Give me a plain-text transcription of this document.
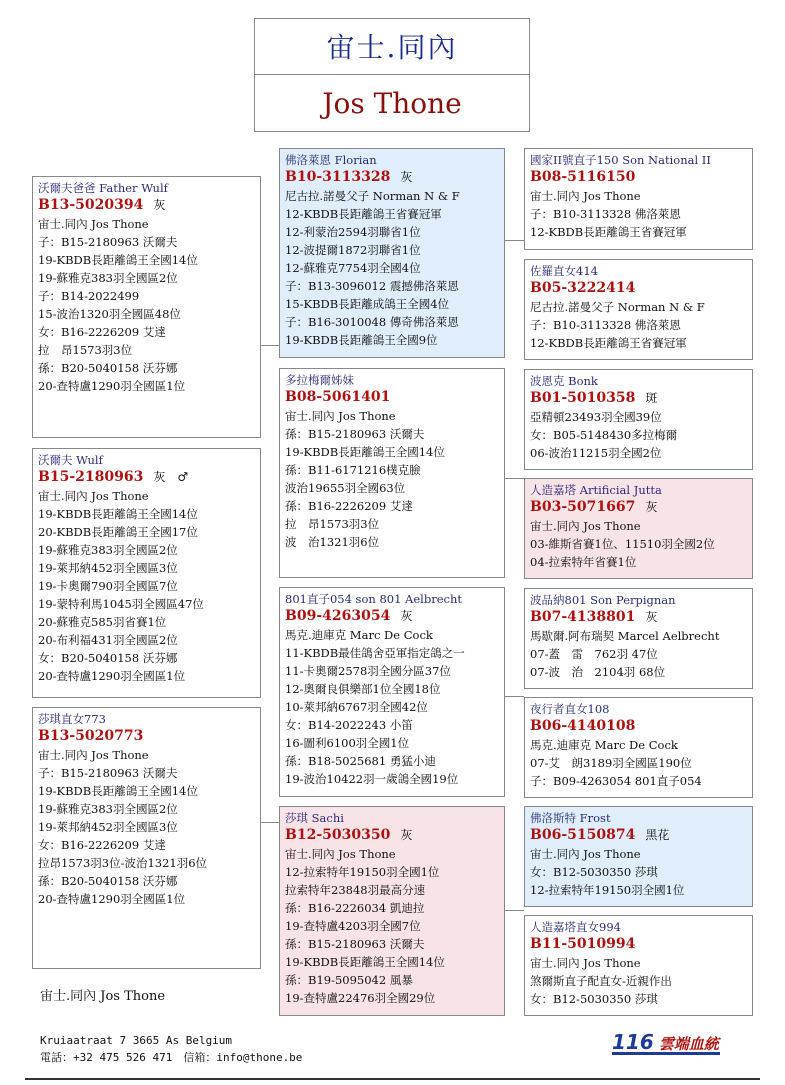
宙士.同內
Jos Thone
沃爾夫爸爸 Father Wulf
B13-5020394 灰
宙士.同內 Jos Thone
子：B15-2180963 沃爾夫
19-KBDB長距離鴿王全國14位
19-蘇雅克383羽全國區2位
子：B14-2022499
15-波治1320羽全國區48位
女：B16-2226209 艾達
拉　昂1573羽3位
孫：B20-5040158 沃芬娜
20-查特盧1290羽全國區1位
沃爾夫 Wulf
B15-2180963 灰　♂
宙士.同內 Jos Thone
19-KBDB長距離鴿王全國14位
20-KBDB長距離鴿王全國17位
19-蘇雅克383羽全國區2位
19-萊邦納452羽全國區3位
19-卡奧爾790羽全國區7位
19-蒙特利馬1045羽全國區47位
20-蘇雅克585羽省賽1位
20-布利福431羽全國區2位
女：B20-5040158 沃芬娜
20-查特盧1290羽全國區1位
莎琪直女773
B13-5020773
宙士.同內 Jos Thone
子：B15-2180963 沃爾夫
19-KBDB長距離鴿王全國14位
19-蘇雅克383羽全國區2位
19-萊邦納452羽全國區3位
女：B16-2226209 艾達
拉昂1573羽3位-波治1321羽6位
孫：B20-5040158 沃芬娜
20-查特盧1290羽全國區1位
佛洛萊恩 Florian
B10-3113328 灰
尼古拉.諾曼父子 Norman N & F
12-KBDB長距離鴿王省賽冠軍
12-利蒙治2594羽聯省1位
12-波提爾1872羽聯省1位
12-蘇雅克7754羽全國4位
子：B13-3096012 震撼佛洛萊恩
15-KBDB長距離成鴿王全國4位
子：B16-3010048 傳奇佛洛萊恩
19-KBDB長距離鴿王全國9位
多拉梅爾姊妹
B08-5061401
宙士.同內 Jos Thone
孫：B15-2180963 沃爾夫
19-KBDB長距離鴿王全國14位
孫：B11-6171216樸克臉
波治19655羽全國63位
孫：B16-2226209 艾達
拉　昂1573羽3位
波　治1321羽6位
801直子054 son 801 Aelbrecht
B09-4263054 灰
馬克.迪庫克 Marc De Cock
11-KBDB最佳鴿舍亞軍指定鴿之一
11-卡奧爾2578羽全國分區37位
12-奧爾良俱樂部1位全國18位
10-萊邦納6767羽全國42位
女：B14-2022243 小笛
16-圖利6100羽全國1位
孫：B18-5025681 勇猛小迪
19-波治10422羽一歲鴿全國19位
莎琪 Sachi
B12-5030350 灰
宙士.同內 Jos Thone
12-拉索特年19150羽全國1位
拉索特年23848羽最高分速
孫：B16-2226034 凱迪拉
19-查特盧4203羽全國7位
孫：B15-2180963 沃爾夫
19-KBDB長距離鴿王全國14位
孫：B19-5095042 風暴
19-查特盧22476羽全國29位
國家II號直子150 Son National II
B08-5116150
宙士.同內 Jos Thone
子：B10-3113328 佛洛萊恩
12-KBDB長距離鴿王省賽冠軍
佐羅直女414
B05-3222414
尼古拉.諾曼父子 Norman N & F
子：B10-3113328 佛洛萊恩
12-KBDB長距離鴿王省賽冠軍
波恩克 Bonk
B01-5010358 斑
亞精頓23493羽全國39位
女：B05-5148430多拉梅爾
06-波治11215羽全國2位
人造嘉塔 Artificial Jutta
B03-5071667 灰
宙士.同內 Jos Thone
03-維斯省賽1位、11510羽全國2位
04-拉索特年省賽1位
波品納801 Son Perpignan
B07-4138801 灰
馬歇爾.阿布瑞契 Marcel Aelbrecht
07-蓋　雷　762羽 47位
07-波　治　2104羽 68位
夜行者直女108
B06-4140108
馬克.迪庫克 Marc De Cock
07-艾　朗3189羽全國區190位
子：B09-4263054 801直子054
佛洛斯特 Frost
B06-5150874 黑花
宙士.同內 Jos Thone
女：B12-5030350 莎琪
12-拉索特年19150羽全國1位
人造嘉塔直女994
B11-5010994
宙士.同內 Jos Thone
煞爾斯直子配直女-近親作出
女：B12-5030350 莎琪
宙士.同內 Jos Thone
Kruiaatraat 7 3665 As Belgium
電話：+32 475 526 471　信箱：info@thone.be
116 雲端血統
